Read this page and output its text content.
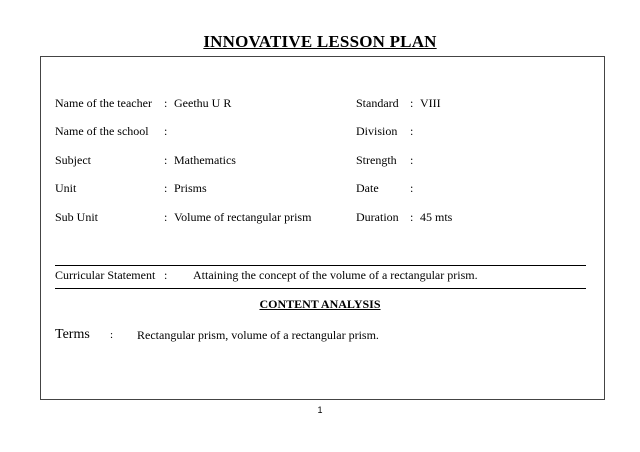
INNOVATIVE LESSON PLAN
Name of the teacher : Geethu U R	Standard : VIII
Name of the school :	Division :
Subject	: Mathematics	Strength :
Unit	: Prisms	Date	:
Sub Unit	: Volume of rectangular prism	Duration : 45 mts
Curricular Statement : Attaining the concept of the volume of a rectangular prism.
CONTENT ANALYSIS
Terms : Rectangular prism, volume of a rectangular prism.
1
